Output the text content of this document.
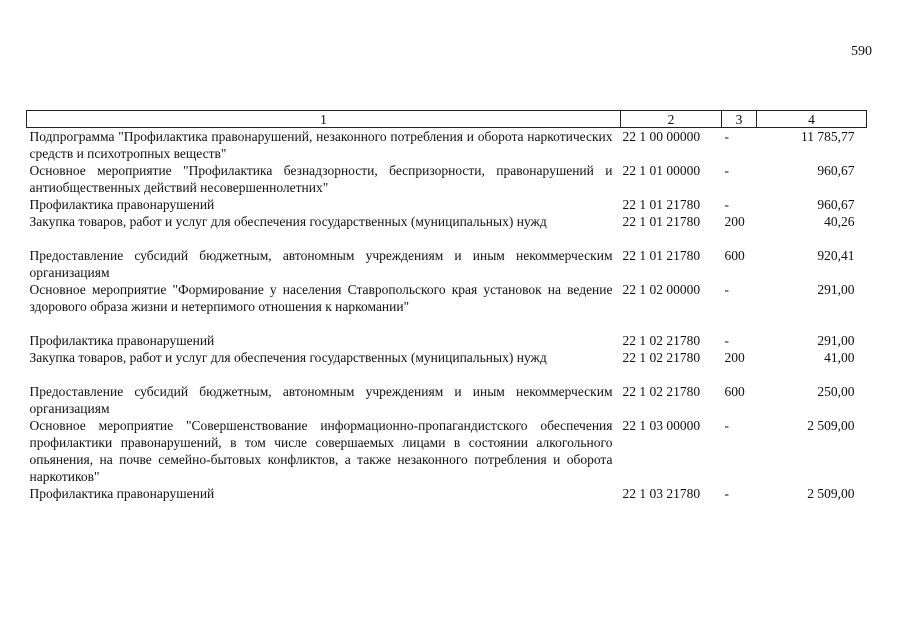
590
1	2	3	4
Подпрограмма "Профилактика правонарушений, незаконного потребления и оборота наркотических средств и психотропных веществ"	22 1 00 00000	-	11 785,77
Основное мероприятие "Профилактика безнадзорности, беспризорности, правонарушений и антиобщественных действий несовершеннолетних"	22 1 01 00000	-	960,67
Профилактика правонарушений	22 1 01 21780	-	960,67
Закупка товаров, работ и услуг для обеспечения государственных (муниципальных) нужд	22 1 01 21780	200	40,26
Предоставление субсидий бюджетным, автономным учреждениям и иным некоммерческим организациям	22 1 01 21780	600	920,41
Основное мероприятие "Формирование у населения Ставропольского края установок на ведение здорового образа жизни и нетерпимого отношения к наркомании"	22 1 02 00000	-	291,00
Профилактика правонарушений	22 1 02 21780	-	291,00
Закупка товаров, работ и услуг для обеспечения государственных (муниципальных) нужд	22 1 02 21780	200	41,00
Предоставление субсидий бюджетным, автономным учреждениям и иным некоммерческим организациям	22 1 02 21780	600	250,00
Основное мероприятие "Совершенствование информационно-пропагандистского обеспечения профилактики правонарушений, в том числе совершаемых лицами в состоянии алкогольного опьянения, на почве семейно-бытовых конфликтов, а также незаконного потребления и оборота наркотиков"	22 1 03 00000	-	2 509,00
Профилактика правонарушений	22 1 03 21780	-	2 509,00
